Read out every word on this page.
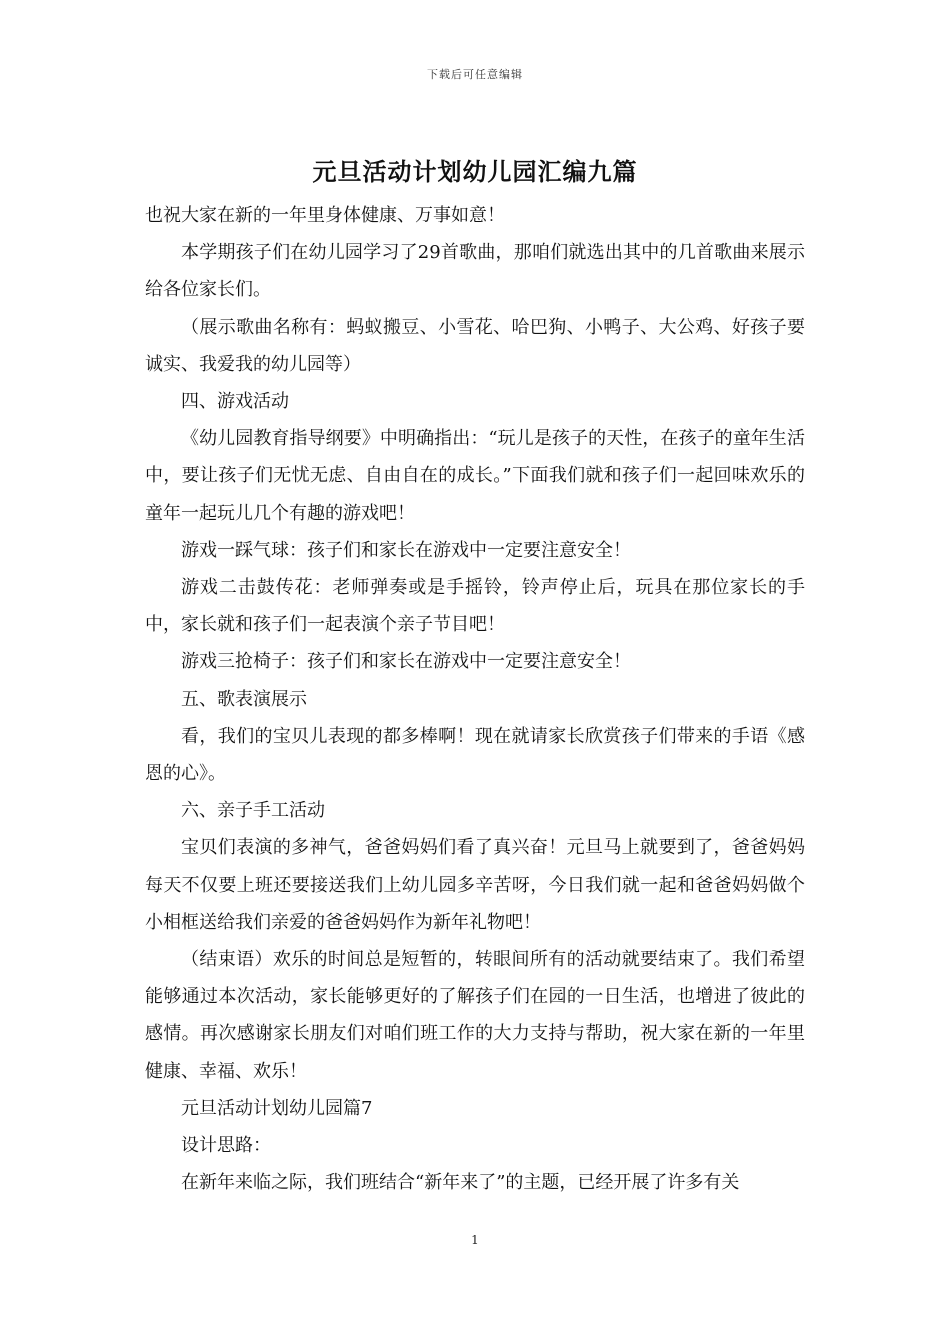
下载后可任意编辑
元旦活动计划幼儿园汇编九篇

也祝大家在新的一年里身体健康、万事如意！

本学期孩子们在幼儿园学习了29首歌曲，那咱们就选出其中的几首歌曲来展示给各位家长们。

（展示歌曲名称有：蚂蚁搬豆、小雪花、哈巴狗、小鸭子、大公鸡、好孩子要诚实、我爱我的幼儿园等）

四、游戏活动

《幼儿园教育指导纲要》中明确指出：“玩儿是孩子的天性，在孩子的童年生活中，要让孩子们无忧无虑、自由自在的成长。”下面我们就和孩子们一起回味欢乐的童年一起玩儿几个有趣的游戏吧！

游戏一踩气球：孩子们和家长在游戏中一定要注意安全！

游戏二击鼓传花：老师弹奏或是手摇铃，铃声停止后，玩具在那位家长的手中，家长就和孩子们一起表演个亲子节目吧！

游戏三抢椅子：孩子们和家长在游戏中一定要注意安全！

五、歌表演展示

看，我们的宝贝儿表现的都多棒啊！现在就请家长欣赏孩子们带来的手语《感恩的心》。

六、亲子手工活动

宝贝们表演的多神气，爸爸妈妈们看了真兴奋！元旦马上就要到了，爸爸妈妈每天不仅要上班还要接送我们上幼儿园多辛苦呀，今日我们就一起和爸爸妈妈做个小相框送给我们亲爱的爸爸妈妈作为新年礼物吧！

（结束语）欢乐的时间总是短暂的，转眼间所有的活动就要结束了。我们希望能够通过本次活动，家长能够更好的了解孩子们在园的一日生活，也增进了彼此的感情。再次感谢家长朋友们对咱们班工作的大力支持与帮助，祝大家在新的一年里健康、幸福、欢乐！

元旦活动计划幼儿园篇7

设计思路：

在新年来临之际，我们班结合“新年来了”的主题，已经开展了许多有关

1
